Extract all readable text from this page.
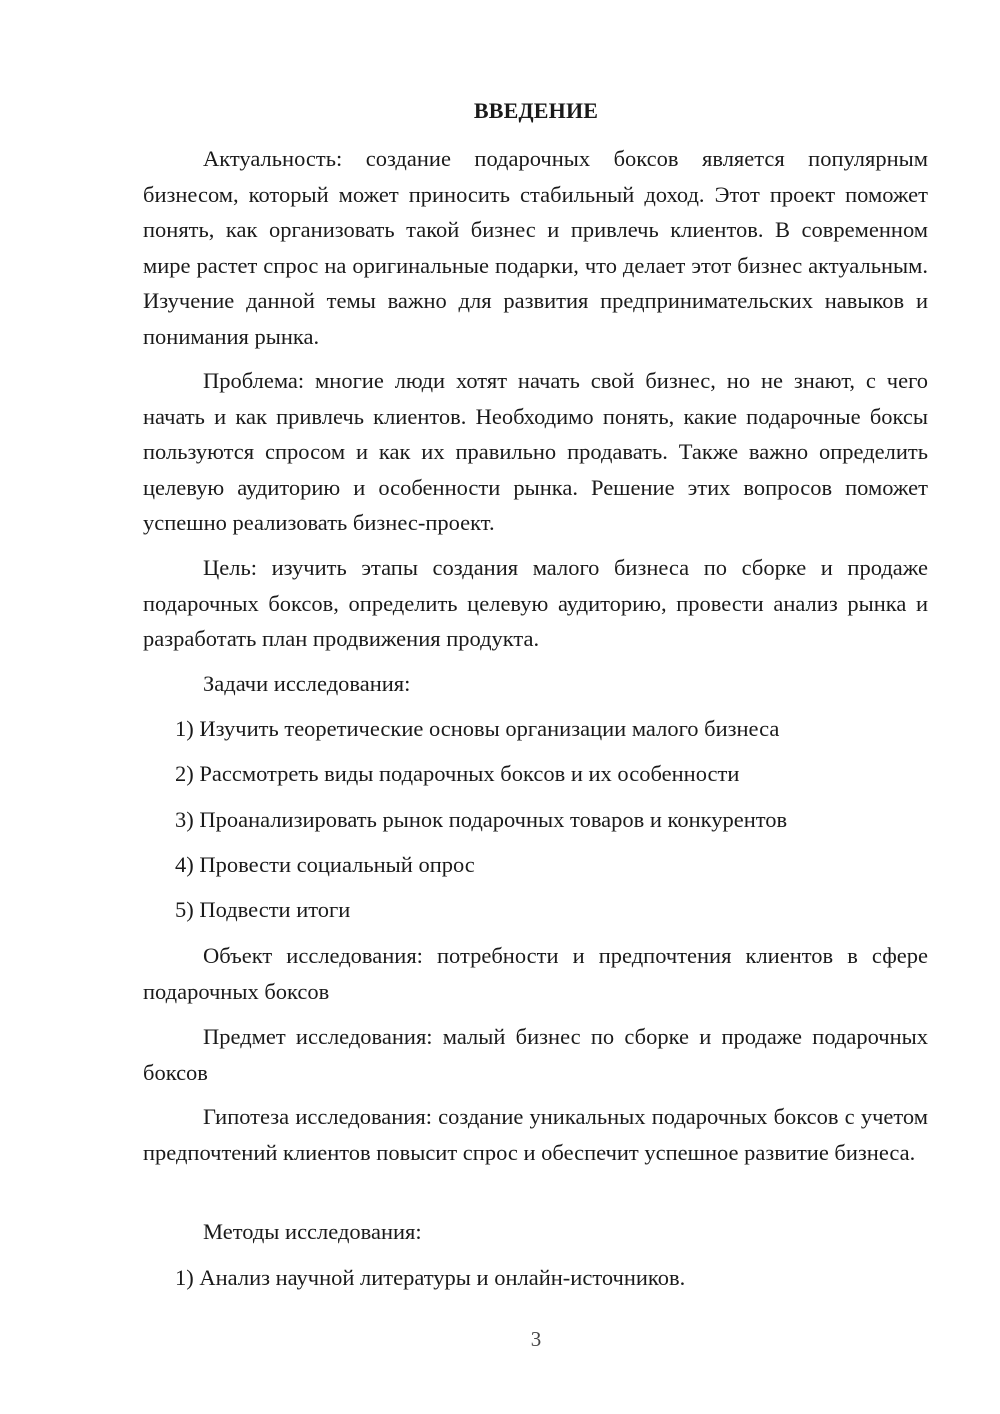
ВВЕДЕНИЕ

Актуальность: создание подарочных боксов является популярным бизнесом, который может приносить стабильный доход. Этот проект поможет понять, как организовать такой бизнес и привлечь клиентов. В современном мире растет спрос на оригинальные подарки, что делает этот бизнес актуальным. Изучение данной темы важно для развития предпринимательских навыков и понимания рынка.

Проблема: многие люди хотят начать свой бизнес, но не знают, с чего начать и как привлечь клиентов. Необходимо понять, какие подарочные боксы пользуются спросом и как их правильно продавать. Также важно определить целевую аудиторию и особенности рынка. Решение этих вопросов поможет успешно реализовать бизнес-проект.

Цель: изучить этапы создания малого бизнеса по сборке и продаже подарочных боксов, определить целевую аудиторию, провести анализ рынка и разработать план продвижения продукта.

Задачи исследования:

1) Изучить теоретические основы организации малого бизнеса

2) Рассмотреть виды подарочных боксов и их особенности

3) Проанализировать рынок подарочных товаров и конкурентов

4) Провести социальный опрос

5) Подвести итоги

Объект исследования: потребности и предпочтения клиентов в сфере подарочных боксов

Предмет исследования: малый бизнес по сборке и продаже подарочных боксов

Гипотеза исследования: создание уникальных подарочных боксов с учетом предпочтений клиентов повысит спрос и обеспечит успешное развитие бизнеса.

Методы исследования:

1) Анализ научной литературы и онлайн-источников.

3
